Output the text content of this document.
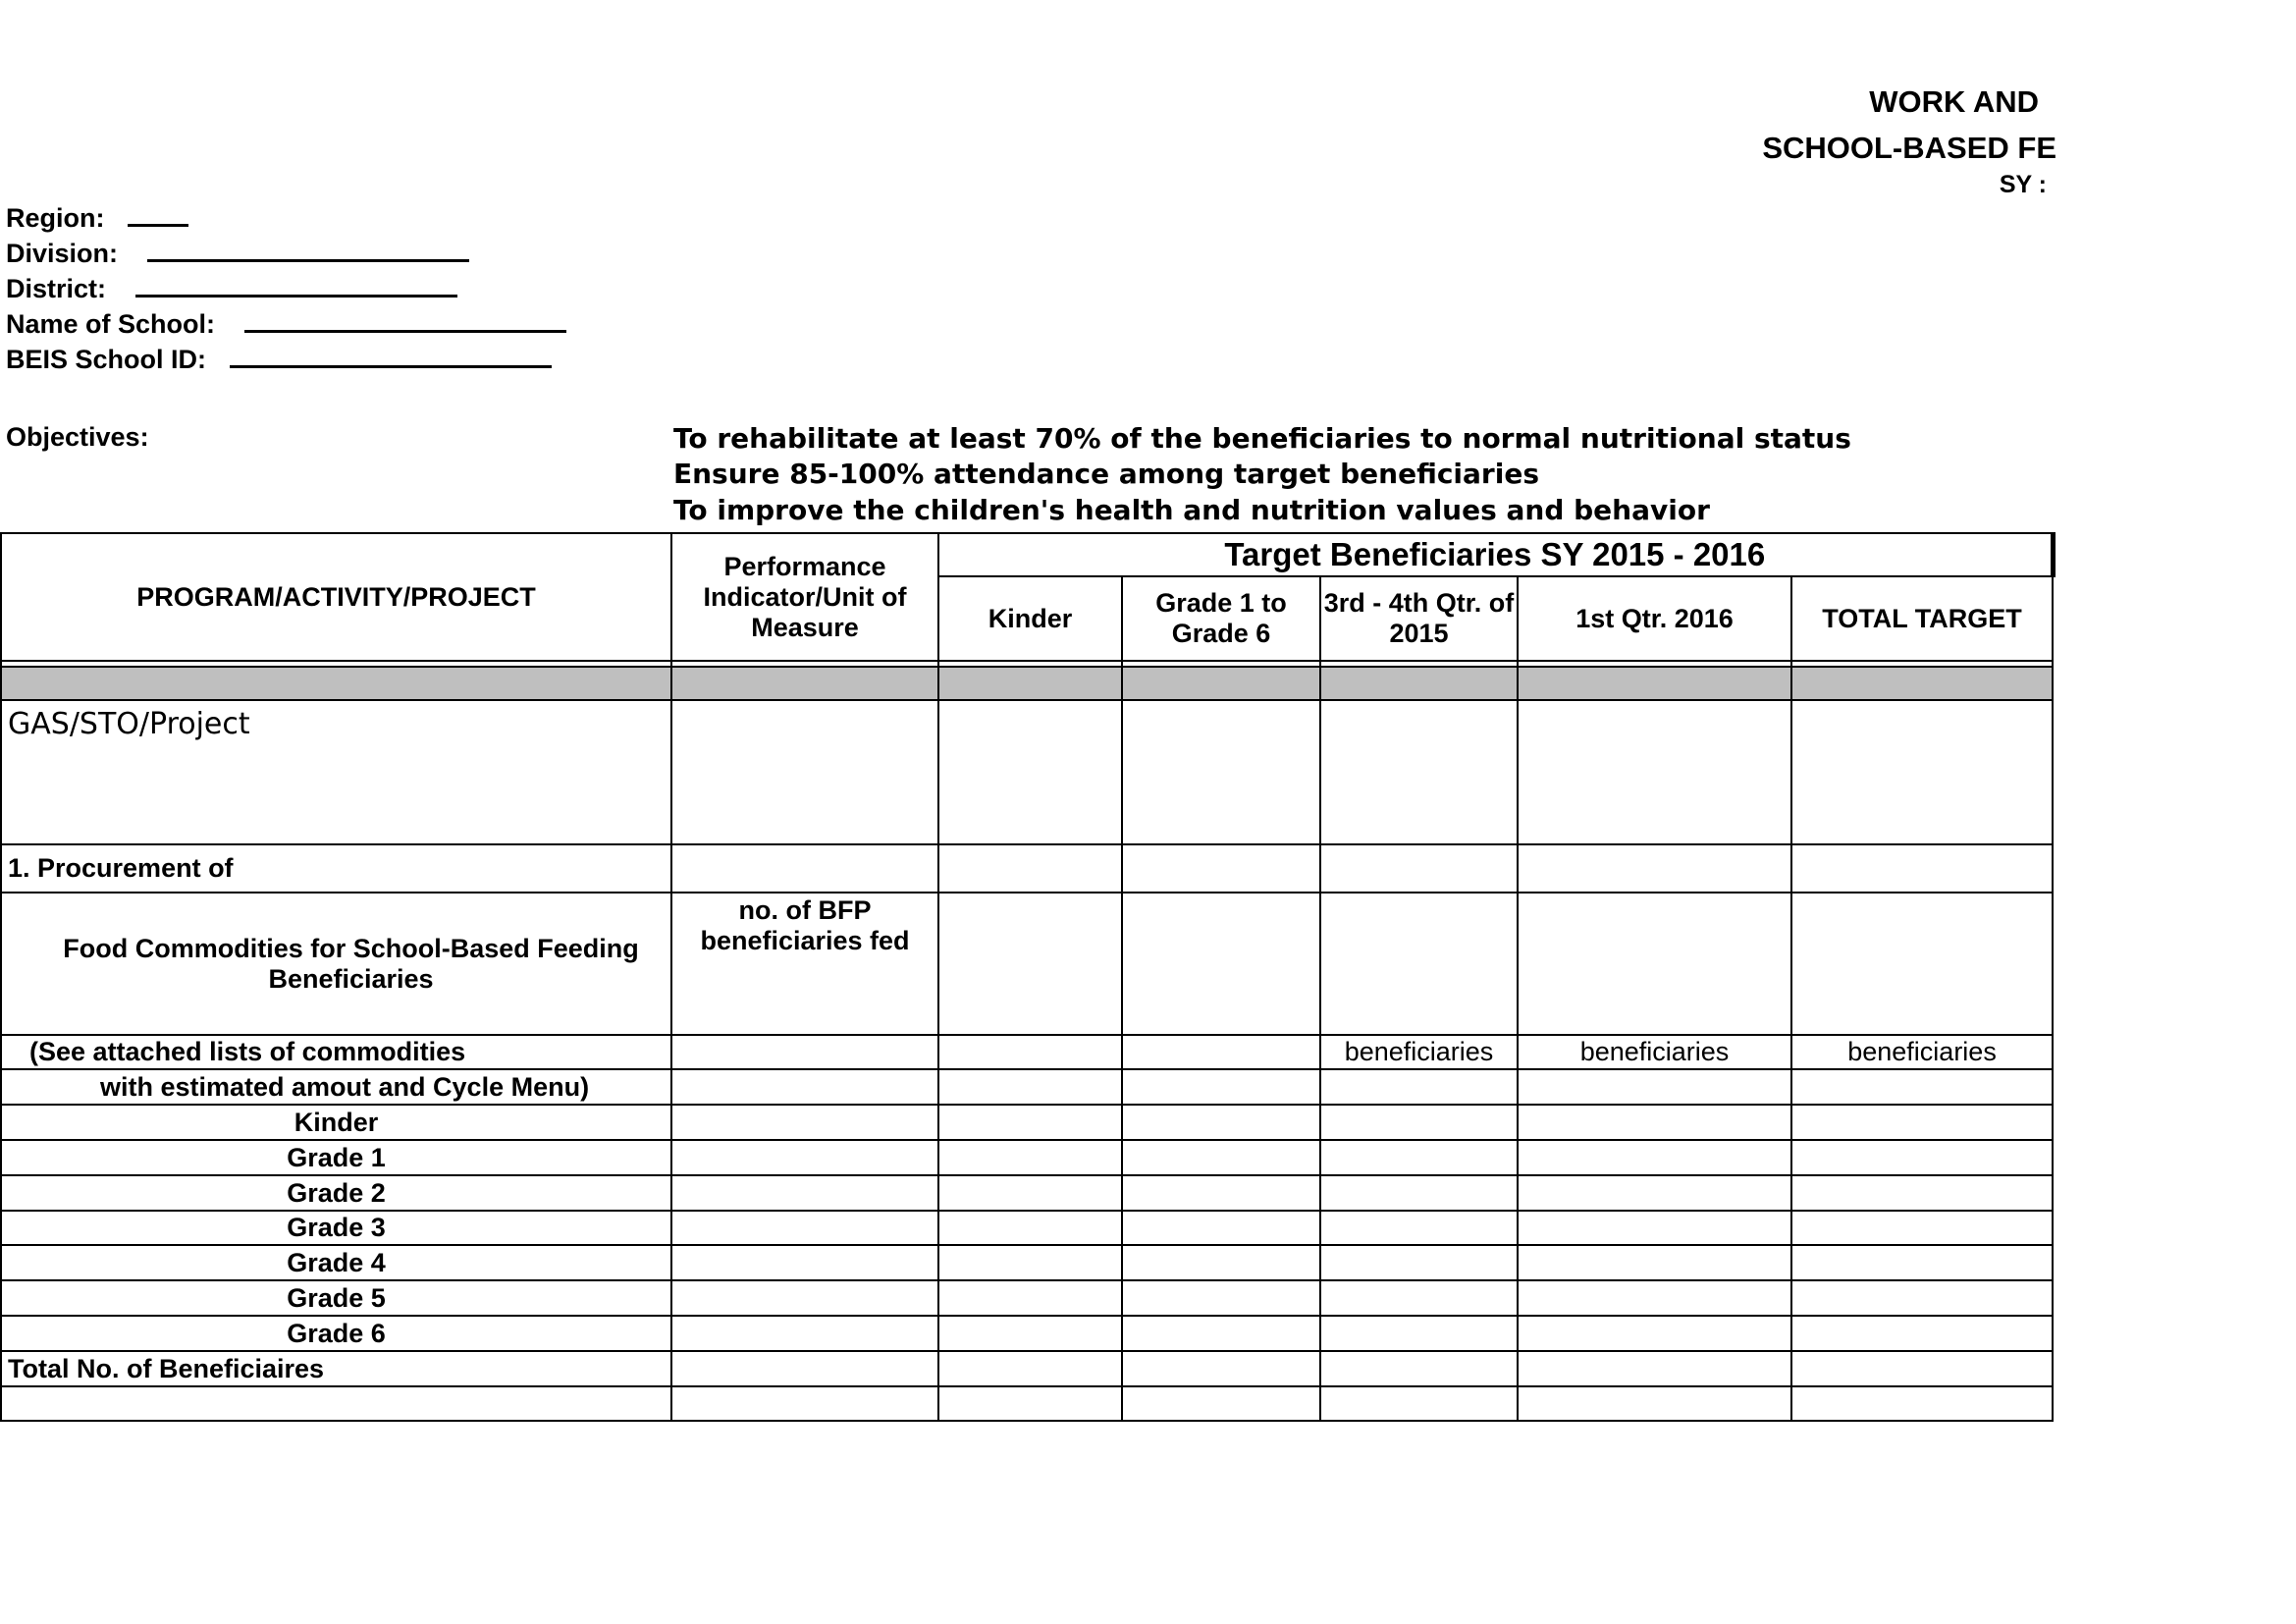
WORK AND
SCHOOL-BASED FE
SY :
Region:
Division:
District:
Name of School:
BEIS School ID:
Objectives:	To rehabilitate at least 70% of the beneficiaries to normal nutritional status
Ensure 85-100% attendance among target beneficiaries
To improve the children's health and nutrition values and behavior
PROGRAM/ACTIVITY/PROJECT	Performance Indicator/Unit of Measure	Target Beneficiaries SY 2015 - 2016				
		Kinder	Grade 1 to Grade 6	3rd - 4th Qtr. of 2015	1st Qtr. 2016	TOTAL TARGET

GAS/STO/Project						
1. Procurement of						
Food Commodities for School-Based Feeding Beneficiaries	no. of BFP beneficiaries fed					
(See attached lists of commodities				beneficiaries	beneficiaries	beneficiaries
with estimated amout and Cycle Menu)						
Kinder						
Grade 1						
Grade 2						
Grade 3						
Grade 4						
Grade 5						
Grade 6						
Total No. of Beneficiaires						
